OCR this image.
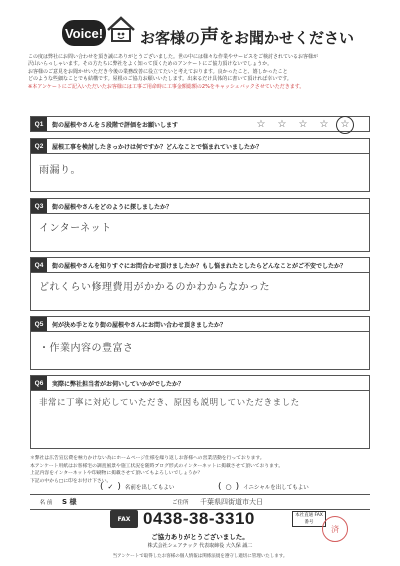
Voice! お客様の声をお聞かせください
この度は弊社にお問い合わせを頂き誠にありがとうございました。世の中には様々な作業やサービスをご検討されているお客様が
沢山いらっしゃいます。その方たちに弊社をよく知って頂くためのアンケートにご協力頂けないでしょうか。
お客様のご意見をお聞かせいただき今後の業務改善に役立てたいと考えております。良かったこと、嬉しかったこと
どのような些細なことでも結構です。屋根のご協力お願いいたします。出来るだけ具体的に書いて頂ければ幸いです。
※本アンケートにご記入いただいたお客様には工事ご用命時に工事金額総額の2%をキャッシュバックさせていただきます。
Q1	街の屋根やさんを５段階で評価をお願いします	☆ ☆ ☆ ☆ ☆
Q2	屋根工事を検討したきっかけは何ですか？どんなことで悩まれていましたか？
雨漏り。
Q3	街の屋根やさんをどのように探しましたか？
インターネット
Q4	街の屋根やさんを知りすぐにお問合わせ頂けましたか？もし悩まれたとしたらどんなことがご不安でしたか？
どれくらい修理費用がかかるのかわからなかった
Q5	何が決め手となり街の屋根やさんにお問い合わせ頂きましたか？
・作業内容の豊富さ
Q6	実際に弊社担当者がお伺いしていかがでしたか？
非常に丁寧に対応していただき、原因も説明していただきました
＊弊社は広告宣伝費を極力かけない為にホームページ仕様を繰り返しお客様への営業活動を行っております。
本アンケート用紙はお客様宅の調査風景や施工状況を随時ブログ形式のインターネットに掲載させて頂いております。
上記内容をインターネットや印刷物に掲載させて頂いてもよろしいでしょうか？
下記の中から□に印をお付け下さい。
( ✓ ) 名前を出してもよい	( ○ ) イニシャルを出してもよい
名 前	S 様	ご住所	千葉県四街道市大日
FAX 0438-38-3310	本社直通 FAX番号
済
ご協力ありがとうございました。
株式会社シェアテック 代表取締役 大久保 誠二
当アンケートで取得したお客様の個人情報は関係法規を遵守し適切に管理いたします。
